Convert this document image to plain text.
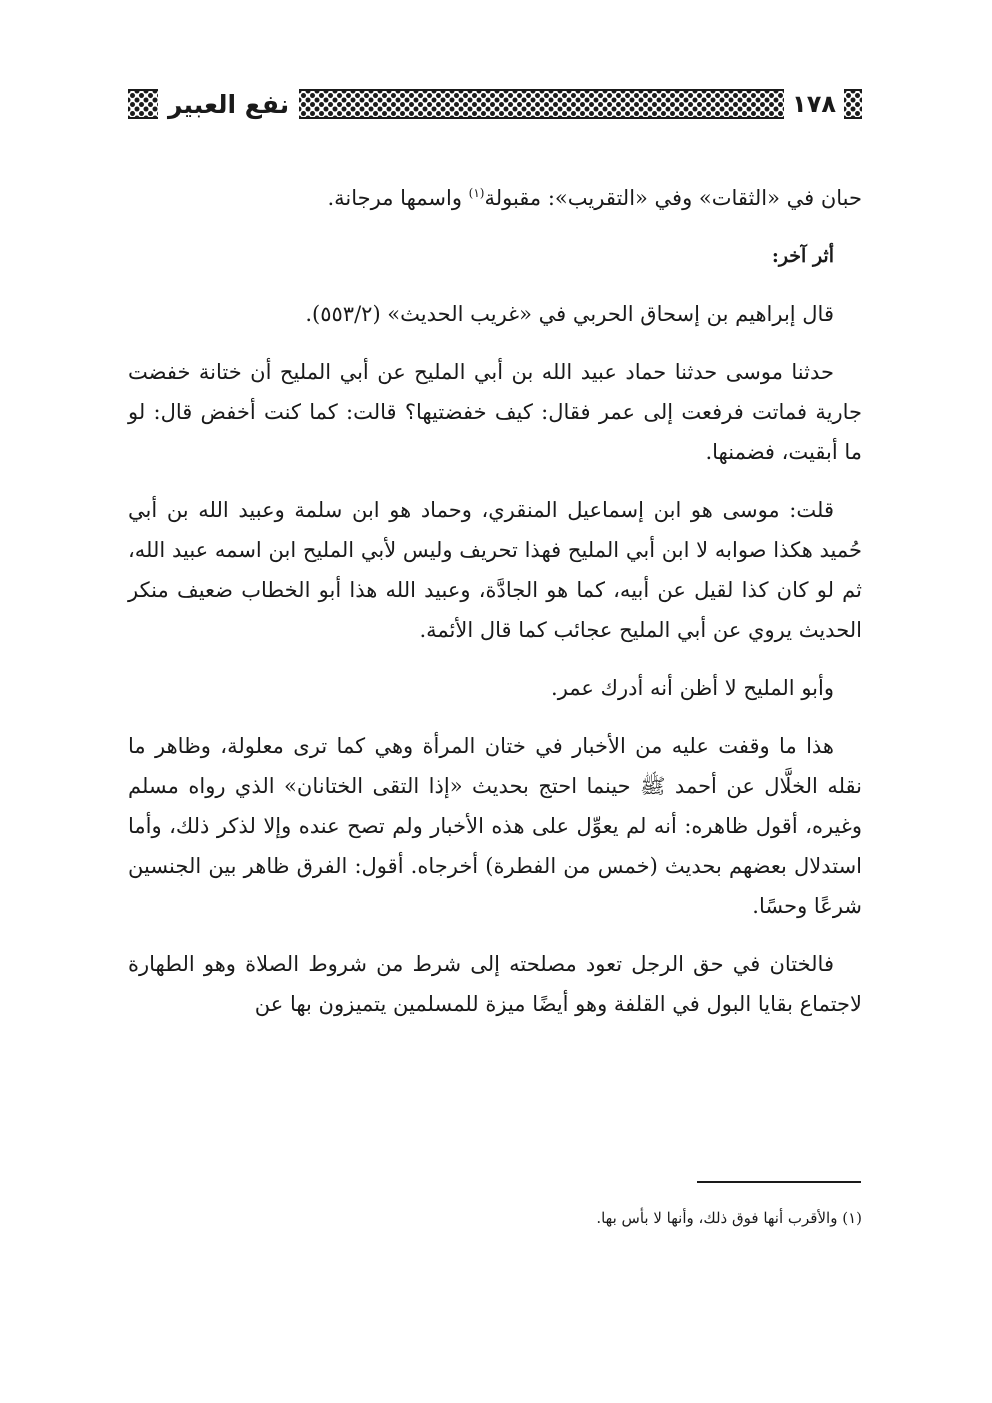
نفع العبير	١٧٨

حبان في «الثقات» وفي «التقريب»: مقبولة$^{(١)}$ واسمها مرجانة.

أثر آخر:

قال إبراهيم بن إسحاق الحربي في «غريب الحديث» (٥٥٣/٢).

حدثنا موسى حدثنا حماد عبيد الله بن أبي المليح عن أبي المليح أن ختانة خفضت جارية فماتت فرفعت إلى عمر فقال: كيف خفضتيها؟ قالت: كما كنت أخفض قال: لو ما أبقيت، فضمنها.

قلت: موسى هو ابن إسماعيل المنقري، وحماد هو ابن سلمة وعبيد الله بن أبي حُميد هكذا صوابه لا ابن أبي المليح فهذا تحريف وليس لأبي المليح ابن اسمه عبيد الله، ثم لو كان كذا لقيل عن أبيه، كما هو الجادَّة، وعبيد الله هذا أبو الخطاب ضعيف منكر الحديث يروي عن أبي المليح عجائب كما قال الأئمة.

وأبو المليح لا أظن أنه أدرك عمر.

هذا ما وقفت عليه من الأخبار في ختان المرأة وهي كما ترى معلولة، وظاهر ما نقله الخلَّال عن أحمد ﷺ حينما احتج بحديث «إذا التقى الختانان» الذي رواه مسلم وغيره، أقول ظاهره: أنه لم يعوِّل على هذه الأخبار ولم تصح عنده وإلا لذكر ذلك، وأما استدلال بعضهم بحديث (خمس من الفطرة) أخرجاه. أقول: الفرق ظاهر بين الجنسين شرعًا وحسًا.

فالختان في حق الرجل تعود مصلحته إلى شرط من شروط الصلاة وهو الطهارة لاجتماع بقايا البول في القلفة وهو أيضًا ميزة للمسلمين يتميزون بها عن

(١) والأقرب أنها فوق ذلك، وأنها لا بأس بها.
